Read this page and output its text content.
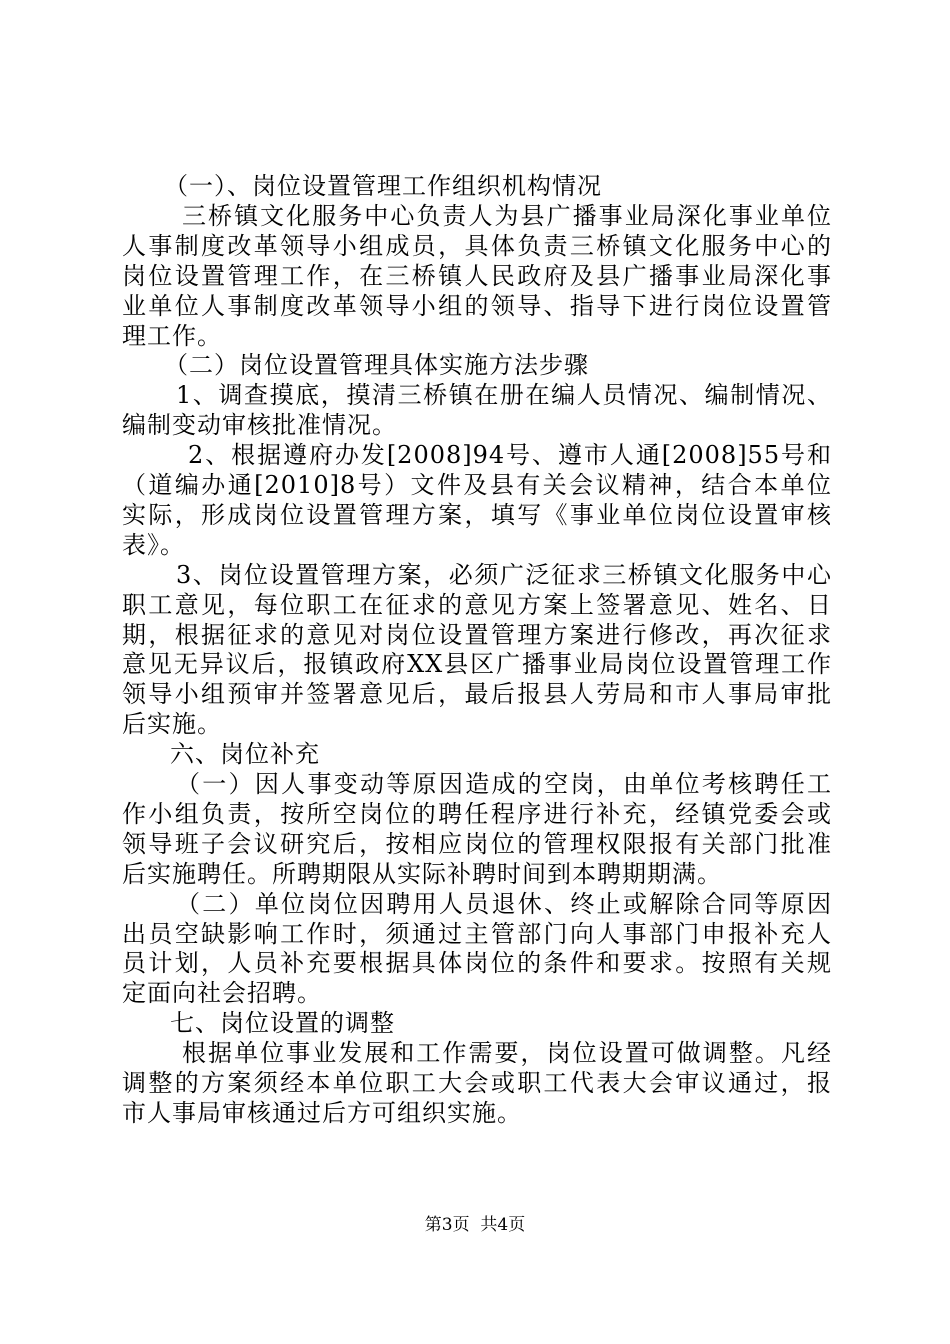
（一）、岗位设置管理工作组织机构情况
三桥镇文化服务中心负责人为县广播事业局深化事业单位
人事制度改革领导小组成员，具体负责三桥镇文化服务中心的
岗位设置管理工作，在三桥镇人民政府及县广播事业局深化事
业单位人事制度改革领导小组的领导、指导下进行岗位设置管
理工作。
（二）岗位设置管理具体实施方法步骤
1、调查摸底，摸清三桥镇在册在编人员情况、编制情况、
编制变动审核批准情况。
2、根据遵府办发[2008]94号、遵市人通[2008]55号和
（道编办通[2010]8号）文件及县有关会议精神，结合本单位
实际，形成岗位设置管理方案，填写《事业单位岗位设置审核
表》。
3、岗位设置管理方案，必须广泛征求三桥镇文化服务中心
职工意见，每位职工在征求的意见方案上签署意见、姓名、日
期，根据征求的意见对岗位设置管理方案进行修改，再次征求
意见无异议后，报镇政府XX县区广播事业局岗位设置管理工作
领导小组预审并签署意见后，最后报县人劳局和市人事局审批
后实施。
六、岗位补充
（一）因人事变动等原因造成的空岗，由单位考核聘任工
作小组负责，按所空岗位的聘任程序进行补充，经镇党委会或
领导班子会议研究后，按相应岗位的管理权限报有关部门批准
后实施聘任。所聘期限从实际补聘时间到本聘期期满。
（二）单位岗位因聘用人员退休、终止或解除合同等原因
出员空缺影响工作时，须通过主管部门向人事部门申报补充人
员计划，人员补充要根据具体岗位的条件和要求。按照有关规
定面向社会招聘。
七、岗位设置的调整
根据单位事业发展和工作需要，岗位设置可做调整。凡经
调整的方案须经本单位职工大会或职工代表大会审议通过，报
市人事局审核通过后方可组织实施。
第3页  共4页
